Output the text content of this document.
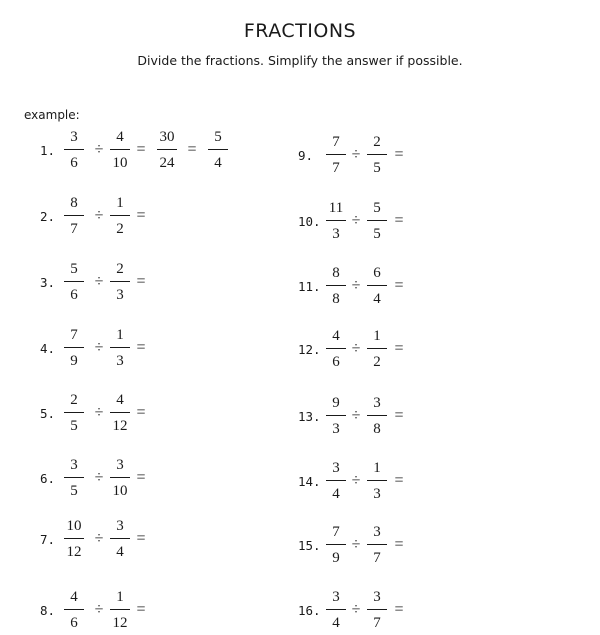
FRACTIONS
Divide the fractions. Simplify the answer if possible.
example:
1.
3
6
÷
4
10
=
30
24
=
5
4
2.
8
7
÷
1
2
=
3.
5
6
÷
2
3
=
4.
7
9
÷
1
3
=
5.
2
5
÷
4
12
=
6.
3
5
÷
3
10
=
7.
10
12
÷
3
4
=
8.
4
6
÷
1
12
=
9.
7
7
÷
2
5
=
10.
11
3
÷
5
5
=
11.
8
8
÷
6
4
=
12.
4
6
÷
1
2
=
13.
9
3
÷
3
8
=
14.
3
4
÷
1
3
=
15.
7
9
÷
3
7
=
16.
3
4
÷
3
7
=
